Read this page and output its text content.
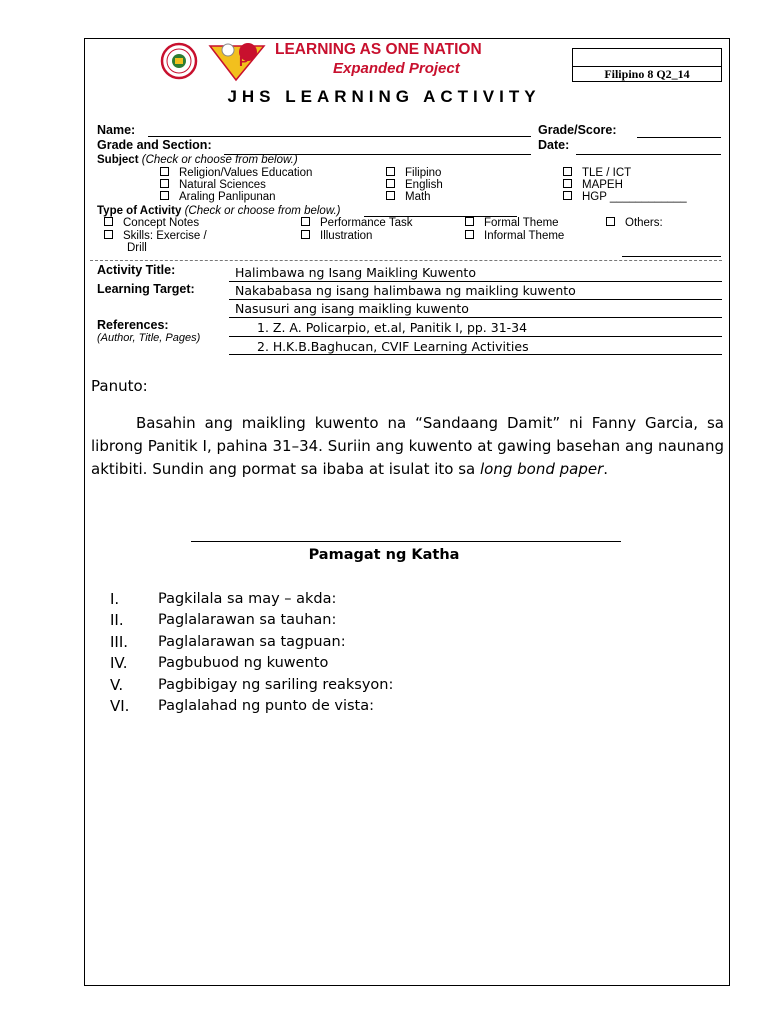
P
LEARNING AS ONE NATION
Expanded Project	Filipino 8 Q2_14
JHS LEARNING ACTIVITY
Name:	Grade/Score:
Grade and Section:	Date:
Subject (Check or choose from below.)
Religion/Values Education
Natural Sciences
Araling Panlipunan
Filipino
English
Math
TLE / ICT
MAPEH
HGP ____________
Type of Activity (Check or choose from below.)
Concept Notes
Skills: Exercise /
Drill
Performance Task
Illustration
Formal Theme
Informal Theme
Others:
Activity Title:	Halimbawa ng Isang Maikling Kuwento
Learning Target:	Nakababasa ng isang halimbawa ng maikling kuwento
Nasusuri ang isang maikling kuwento
References:
(Author, Title, Pages)
1. Z. A. Policarpio, et.al, Panitik I, pp. 31-34
2. H.K.B.Baghucan, CVIF Learning Activities
Panuto:
Basahin ang maikling kuwento na “Sandaang Damit” ni Fanny Garcia, sa librong Panitik I, pahina 31–34. Suriin ang kuwento at gawing basehan ang naunang aktibiti. Sundin ang pormat sa ibaba at isulat ito sa long bond paper.
Pamagat ng Katha
I.	Pagkilala sa may – akda:
II. Paglalarawan sa tauhan:
III. Paglalarawan sa tagpuan:
IV. Pagbubuod ng kuwento
V. Pagbibigay ng sariling reaksyon:
VI. Paglalahad ng punto de vista:
